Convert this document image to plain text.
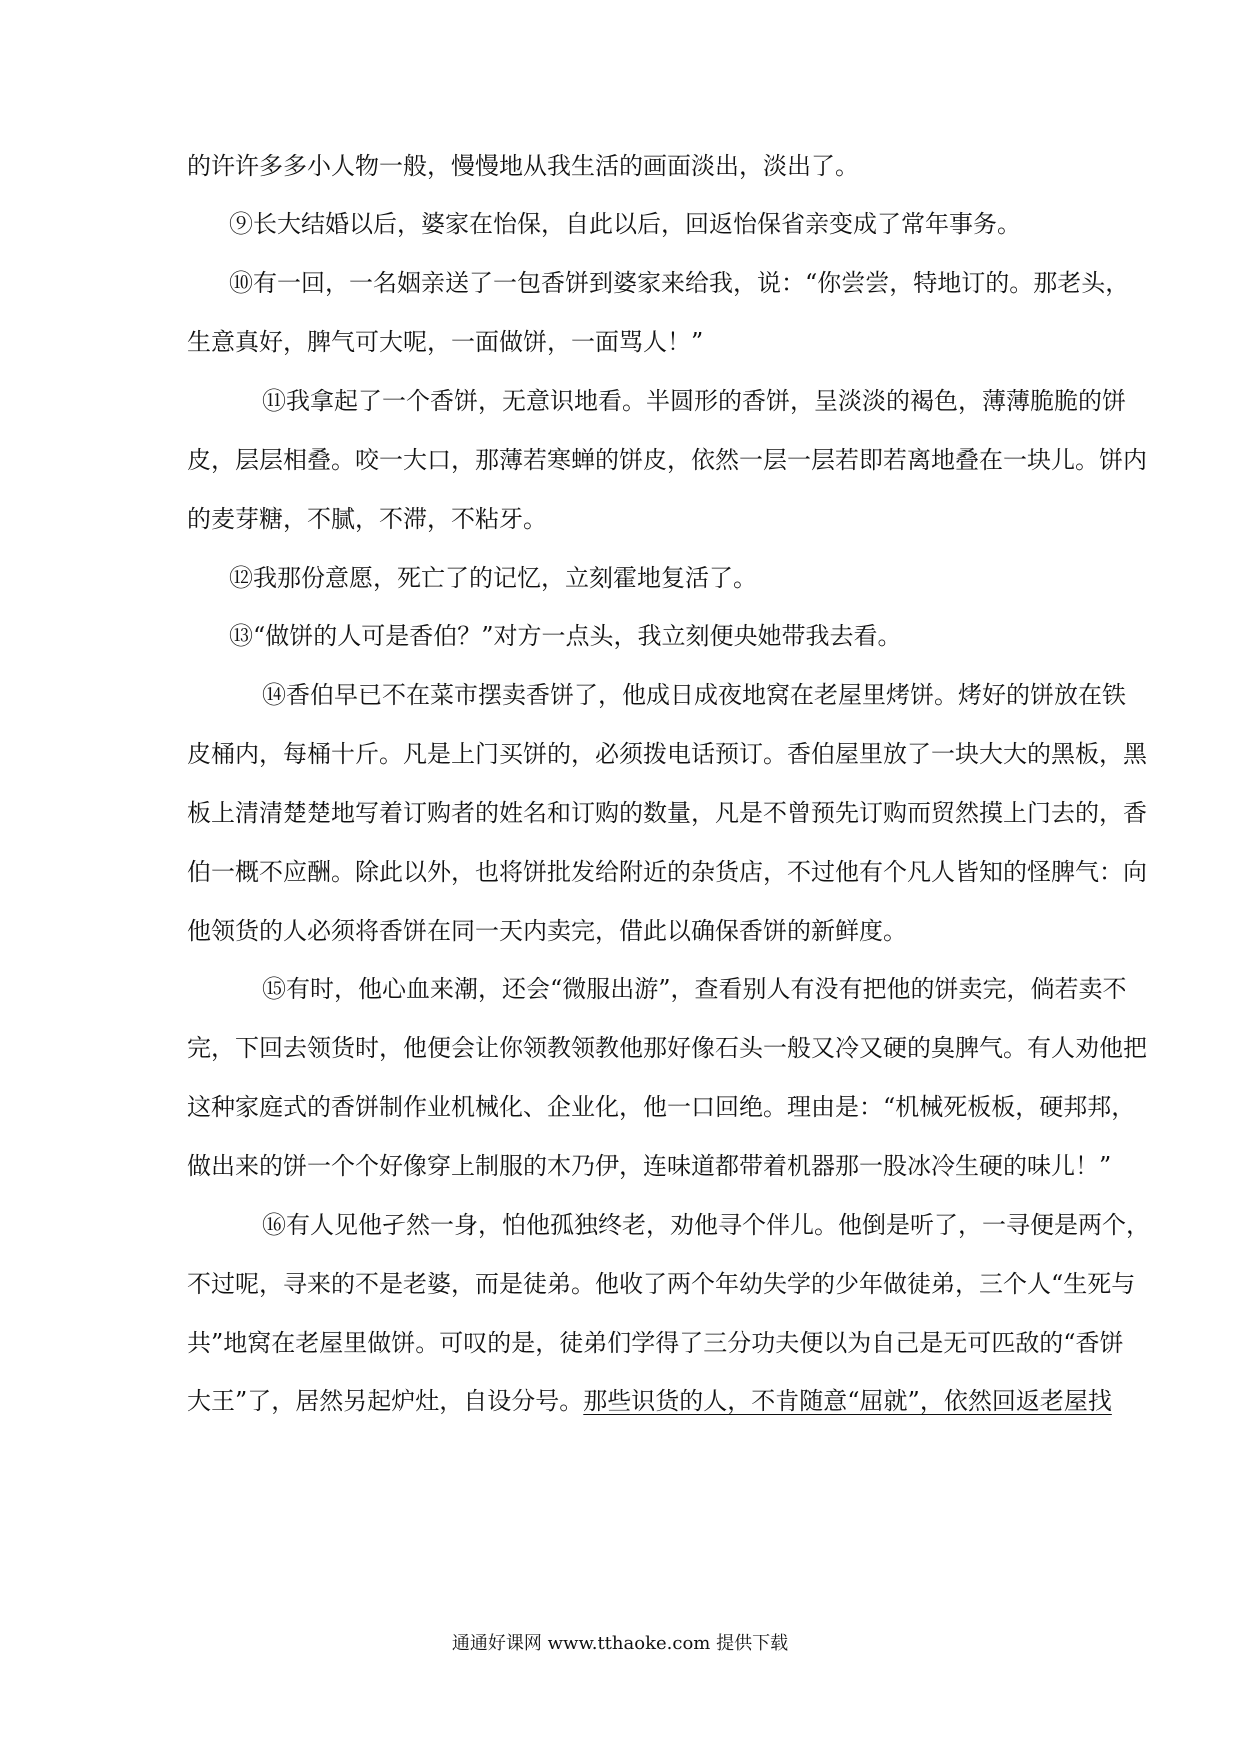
的许许多多小人物一般，慢慢地从我生活的画面淡出，淡出了。
⑨长大结婚以后，婆家在怡保，自此以后，回返怡保省亲变成了常年事务。
⑩有一回，一名姻亲送了一包香饼到婆家来给我，说：“你尝尝，特地订的。那老头，
生意真好，脾气可大呢，一面做饼，一面骂人！”
⑪我拿起了一个香饼，无意识地看。半圆形的香饼，呈淡淡的褐色，薄薄脆脆的饼
皮，层层相叠。咬一大口，那薄若寒蝉的饼皮，依然一层一层若即若离地叠在一块儿。饼内
的麦芽糖，不腻，不滞，不粘牙。
⑫我那份意愿，死亡了的记忆，立刻霍地复活了。
⑬“做饼的人可是香伯？”对方一点头，我立刻便央她带我去看。
⑭香伯早已不在菜市摆卖香饼了，他成日成夜地窝在老屋里烤饼。烤好的饼放在铁
皮桶内，每桶十斤。凡是上门买饼的，必须拨电话预订。香伯屋里放了一块大大的黑板，黑
板上清清楚楚地写着订购者的姓名和订购的数量，凡是不曾预先订购而贸然摸上门去的，香
伯一概不应酬。除此以外，也将饼批发给附近的杂货店，不过他有个凡人皆知的怪脾气：向
他领货的人必须将香饼在同一天内卖完，借此以确保香饼的新鲜度。
⑮有时，他心血来潮，还会“微服出游”，查看别人有没有把他的饼卖完，倘若卖不
完，下回去领货时，他便会让你领教领教他那好像石头一般又冷又硬的臭脾气。有人劝他把
这种家庭式的香饼制作业机械化、企业化，他一口回绝。理由是：“机械死板板，硬邦邦，
做出来的饼一个个好像穿上制服的木乃伊，连味道都带着机器那一股冰冷生硬的味儿！”
⑯有人见他孑然一身，怕他孤独终老，劝他寻个伴儿。他倒是听了，一寻便是两个，
不过呢，寻来的不是老婆，而是徒弟。他收了两个年幼失学的少年做徒弟，三个人“生死与
共”地窝在老屋里做饼。可叹的是，徒弟们学得了三分功夫便以为自己是无可匹敌的“香饼
大王”了，居然另起炉灶，自设分号。那些识货的人，不肯随意“屈就”，依然回返老屋找
通通好课网 www.tthaoke.com 提供下载
